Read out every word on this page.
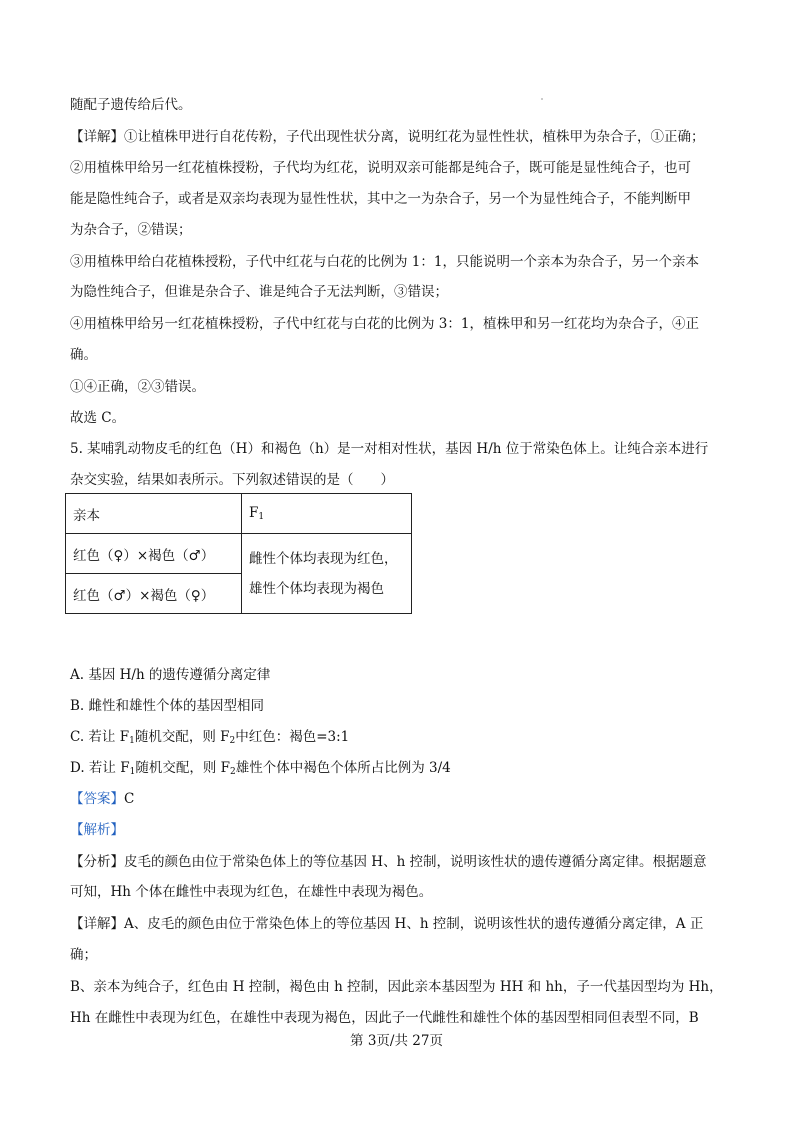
随配子遗传给后代。
【详解】①让植株甲进行自花传粉，子代出现性状分离，说明红花为显性性状，植株甲为杂合子，①正确；
②用植株甲给另一红花植株授粉，子代均为红花，说明双亲可能都是纯合子，既可能是显性纯合子，也可
能是隐性纯合子，或者是双亲均表现为显性性状，其中之一为杂合子，另一个为显性纯合子，不能判断甲
为杂合子，②错误；
③用植株甲给白花植株授粉，子代中红花与白花的比例为 1：1，只能说明一个亲本为杂合子，另一个亲本
为隐性纯合子，但谁是杂合子、谁是纯合子无法判断，③错误；
④用植株甲给另一红花植株授粉，子代中红花与白花的比例为 3：1，植株甲和另一红花均为杂合子，④正
确。
①④正确，②③错误。
故选 C。
5. 某哺乳动物皮毛的红色（H）和褐色（h）是一对相对性状，基因 H/h 位于常染色体上。让纯合亲本进行
杂交实验，结果如表所示。下列叙述错误的是（　　）
亲本	$F_1$
红色（♀）×褐色（♂）	雌性个体均表现为红色，
雄性个体均表现为褐色

红色（♂）×褐色（♀）	
A. 基因 H/h 的遗传遵循分离定律
B. 雌性和雄性个体的基因型相同
C. 若让 $F_1$随机交配，则 $F_2$中红色：褐色=3:1
D. 若让 $F_1$随机交配，则 $F_2$雄性个体中褐色个体所占比例为 3/4
【答案】C
【解析】
【分析】皮毛的颜色由位于常染色体上的等位基因 H、h 控制，说明该性状的遗传遵循分离定律。根据题意
可知，Hh 个体在雌性中表现为红色，在雄性中表现为褐色。
【详解】A、皮毛的颜色由位于常染色体上的等位基因 H、h 控制，说明该性状的遗传遵循分离定律，A 正
确；
B、亲本为纯合子，红色由 H 控制，褐色由 h 控制，因此亲本基因型为 HH 和 hh，子一代基因型均为 Hh，
Hh 在雌性中表现为红色，在雄性中表现为褐色，因此子一代雌性和雄性个体的基因型相同但表型不同，B
第 3页/共 27页
